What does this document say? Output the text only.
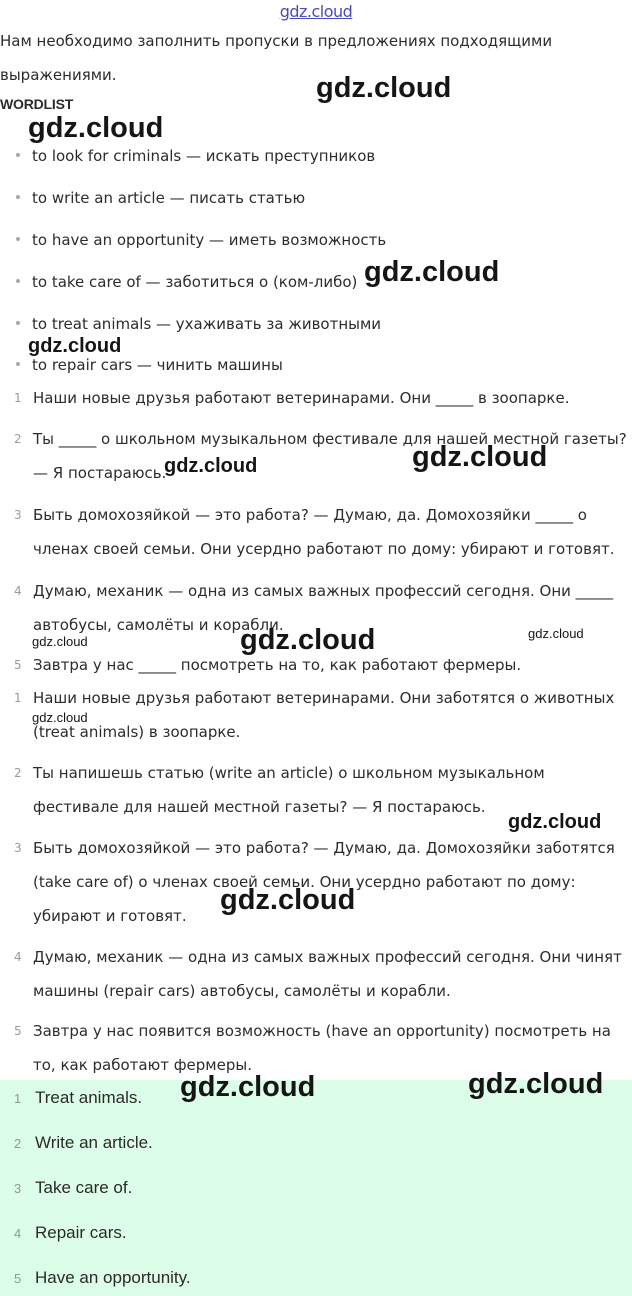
gdz.cloud
Нам необходимо заполнить пропуски в предложениях подходящими выражениями.
WORDLIST
to look for criminals — искать преступников
to write an article — писать статью
to have an opportunity — иметь возможность
to take care of — заботиться о (ком-либо)
to treat animals — ухаживать за животными
to repair cars — чинить машины
1 Наши новые друзья работают ветеринарами. Они _____ в зоопарке.
2 Ты _____ о школьном музыкальном фестивале для нашей местной газеты? — Я постараюсь.
3 Быть домохозяйкой — это работа? — Думаю, да. Домохозяйки _____ о членах своей семьи. Они усердно работают по дому: убирают и готовят.
4 Думаю, механик — одна из самых важных профессий сегодня. Они _____ автобусы, самолёты и корабли.
5 Завтра у нас _____ посмотреть на то, как работают фермеры.
1 Наши новые друзья работают ветеринарами. Они заботятся о животных (treat animals) в зоопарке.
2 Ты напишешь статью (write an article) о школьном музыкальном фестивале для нашей местной газеты? — Я постараюсь.
3 Быть домохозяйкой — это работа? — Думаю, да. Домохозяйки заботятся (take care of) о членах своей семьи. Они усердно работают по дому: убирают и готовят.
4 Думаю, механик — одна из самых важных профессий сегодня. Они чинят машины (repair cars) автобусы, самолёты и корабли.
5 Завтра у нас появится возможность (have an opportunity) посмотреть на то, как работают фермеры.
1 Treat animals.
2 Write an article.
3 Take care of.
4 Repair cars.
5 Have an opportunity.
gdz.cloud
gdz.cloud
gdz.cloud
gdz.cloud
gdz.cloud	gdz.cloud
gdz.cloud
gdz.cloud
gdz.cloud
gdz.cloud
gdz.cloud
gdz.cloud
gdz.cloud	gdz.cloud
